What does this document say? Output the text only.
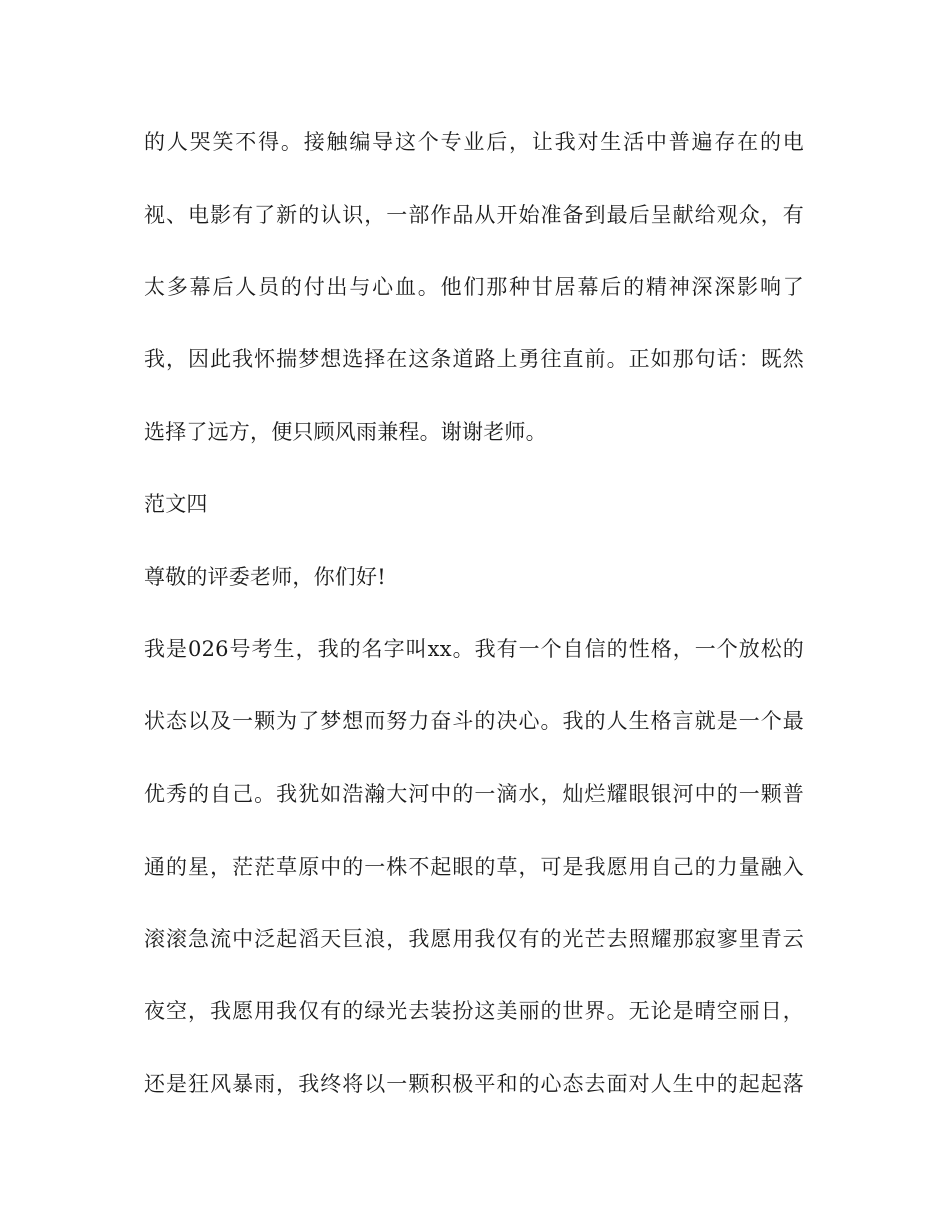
的人哭笑不得。接触编导这个专业后，让我对生活中普遍存在的电
视、电影有了新的认识，一部作品从开始准备到最后呈献给观众，有
太多幕后人员的付出与心血。他们那种甘居幕后的精神深深影响了
我，因此我怀揣梦想选择在这条道路上勇往直前。正如那句话：既然
选择了远方，便只顾风雨兼程。谢谢老师。
范文四
尊敬的评委老师，你们好!
我是026号考生，我的名字叫xx。我有一个自信的性格，一个放松的
状态以及一颗为了梦想而努力奋斗的决心。我的人生格言就是一个最
优秀的自己。我犹如浩瀚大河中的一滴水，灿烂耀眼银河中的一颗普
通的星，茫茫草原中的一株不起眼的草，可是我愿用自己的力量融入
滚滚急流中泛起滔天巨浪，我愿用我仅有的光芒去照耀那寂寥里青云
夜空，我愿用我仅有的绿光去装扮这美丽的世界。无论是晴空丽日，
还是狂风暴雨，我终将以一颗积极平和的心态去面对人生中的起起落
